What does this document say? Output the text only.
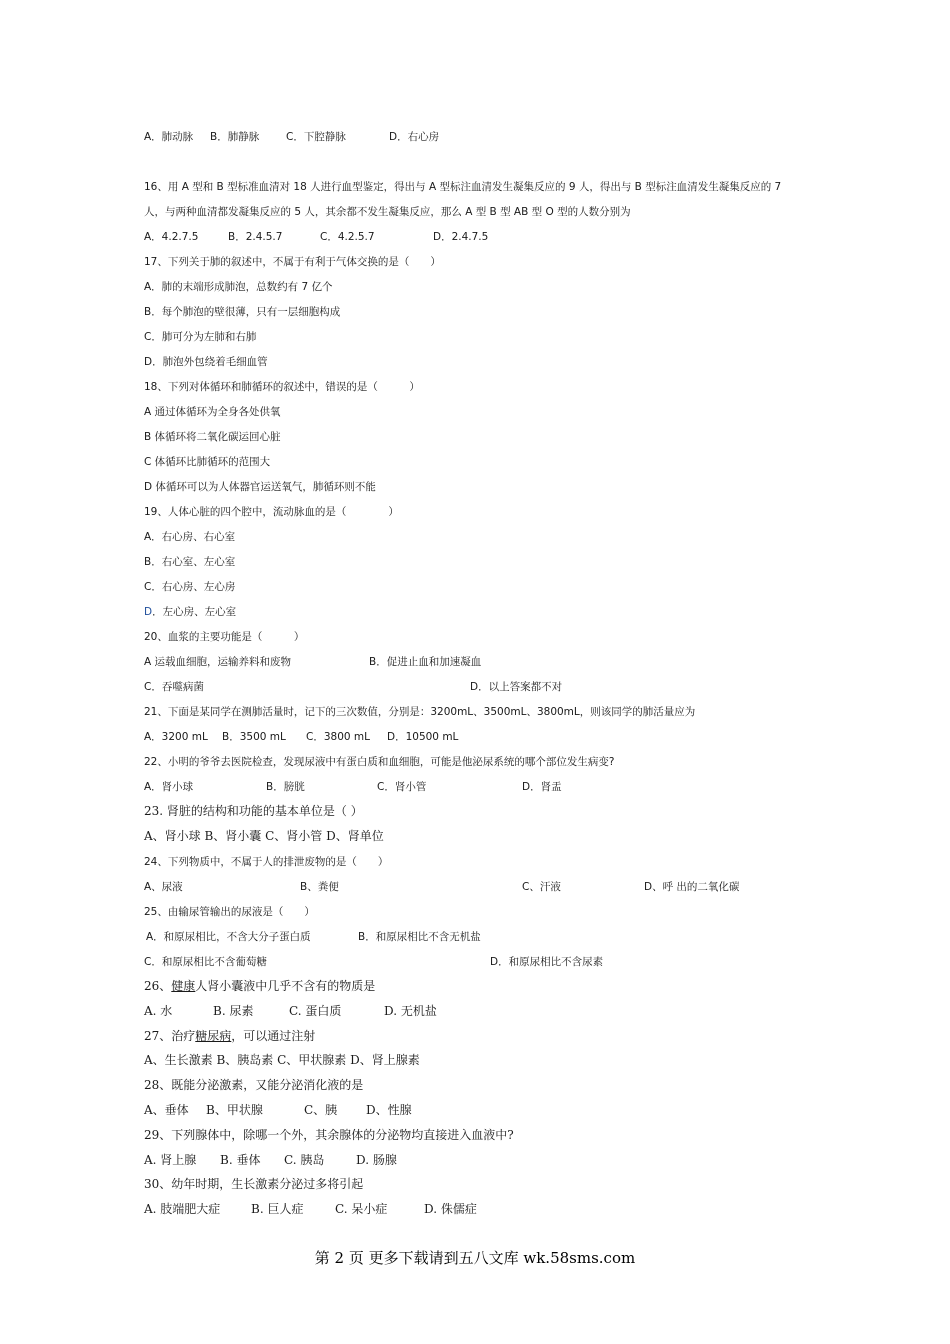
A．肺动脉 B．肺静脉	C．下腔静脉	D．右心房
16、用 A 型和 B 型标准血清对 18 人进行血型鉴定，得出与 A 型标注血清发生凝集反应的 9 人，得出与 B 型标注血清发生凝集反应的 7
人，与两种血清都发凝集反应的 5 人，其余都不发生凝集反应，那么 A 型 B 型 AB 型 O 型的人数分别为
A．4.2.7.5	B．2.4.5.7	C．4.2.5.7	D．2.4.7.5
17、下列关于肺的叙述中，不属于有利于气体交换的是（　　）
A．肺的末端形成肺泡，总数约有 7 亿个
B．每个肺泡的壁很薄，只有一层细胞构成
C．肺可分为左肺和右肺
D．肺泡外包绕着毛细血管
18、下列对体循环和肺循环的叙述中，错误的是（　　　）
A 通过体循环为全身各处供氧
B 体循环将二氧化碳运回心脏
C 体循环比肺循环的范围大
D 体循环可以为人体器官运送氧气，肺循环则不能
19、人体心脏的四个腔中，流动脉血的是（　　　　）
A．右心房、右心室
B．右心室、左心室
C．右心房、左心房
D．左心房、左心室
20、血浆的主要功能是（　　　）
A 运载血细胞，运输养料和废物	B．促进止血和加速凝血
C．吞噬病菌	D．以上答案都不对
21、下面是某同学在测肺活量时，记下的三次数值，分别是：3200mL、3500mL、3800mL，则该同学的肺活量应为
A．3200 mL B．3500 mL C．3800 mL D．10500 mL
22、小明的爷爷去医院检查，发现尿液中有蛋白质和血细胞，可能是他泌尿系统的哪个部位发生病变?
A．肾小球	B．膀胱	C．肾小管	D．肾盂
23. 肾脏的结构和功能的基本单位是（ ）
A、肾小球 B、肾小囊 C、肾小管 D、肾单位
24、下列物质中，不属于人的排泄废物的是（　　）
A、尿液	B、粪便	C、汗液	D、呼 出的二氧化碳
25、由输尿管输出的尿液是（　　）
A．和原尿相比，不含大分子蛋白质	B．和原尿相比不含无机盐
C．和原尿相比不含葡萄糖	D．和原尿相比不含尿素
26、健康人肾小囊液中几乎不含有的物质是
A. 水	B. 尿素	C. 蛋白质	D. 无机盐
27、治疗糖尿病，可以通过注射
A、生长激素 B、胰岛素 C、甲状腺素 D、肾上腺素
28、既能分泌激素，又能分泌消化液的是
A、垂体 B、甲状腺	C、胰 D、性腺
29、下列腺体中，除哪一个外，其余腺体的分泌物均直接进入血液中?
A. 肾上腺 B. 垂体 C. 胰岛	D. 肠腺
30、幼年时期，生长激素分泌过多将引起
A. 肢端肥大症	B. 巨人症	C. 呆小症	D. 侏儒症
第 2 页 更多下载请到五八文库 wk.58sms.com
